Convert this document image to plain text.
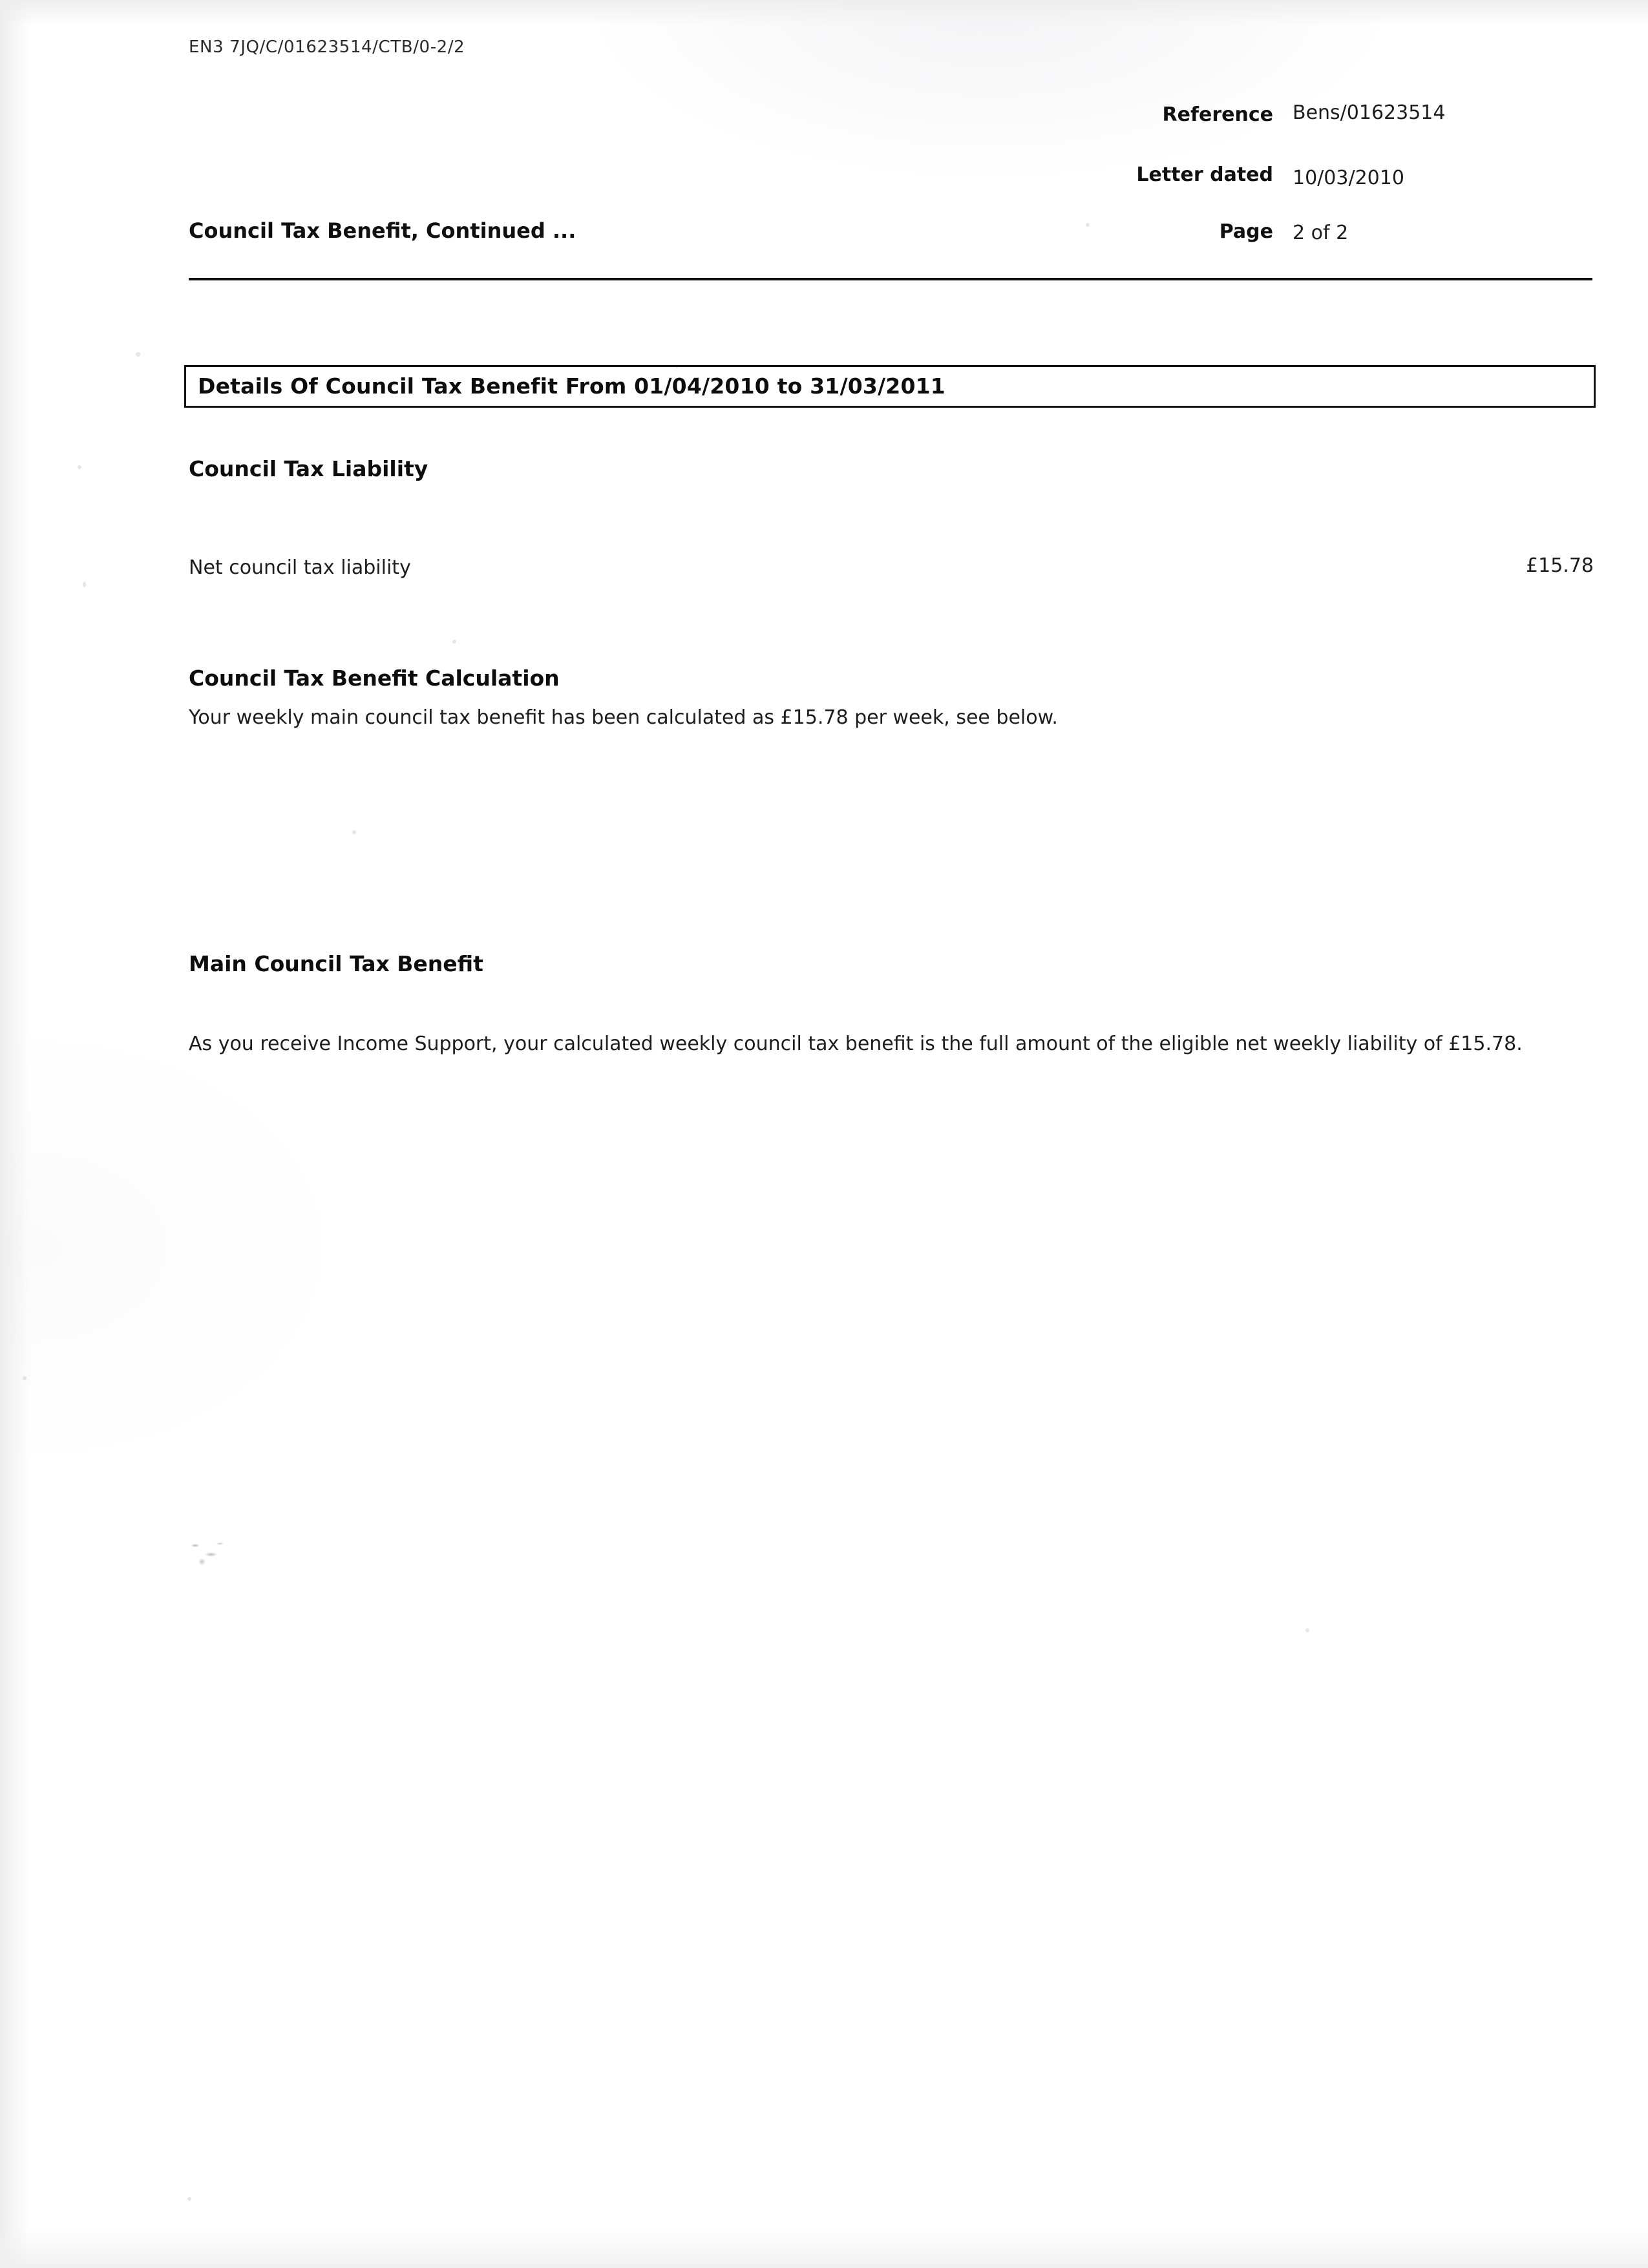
EN3 7JQ/C/01623514/CTB/0-2/2
Reference Bens/01623514
Letter dated 10/03/2010
Page 2 of 2
Council Tax Benefit, Continued ...
Details Of Council Tax Benefit From 01/04/2010 to 31/03/2011
Council Tax Liability
Net council tax liability	£15.78
Council Tax Benefit Calculation
Your weekly main council tax benefit has been calculated as £15.78 per week, see below.
Main Council Tax Benefit
As you receive Income Support, your calculated weekly council tax benefit is the full amount of the eligible net weekly liability of £15.78.
